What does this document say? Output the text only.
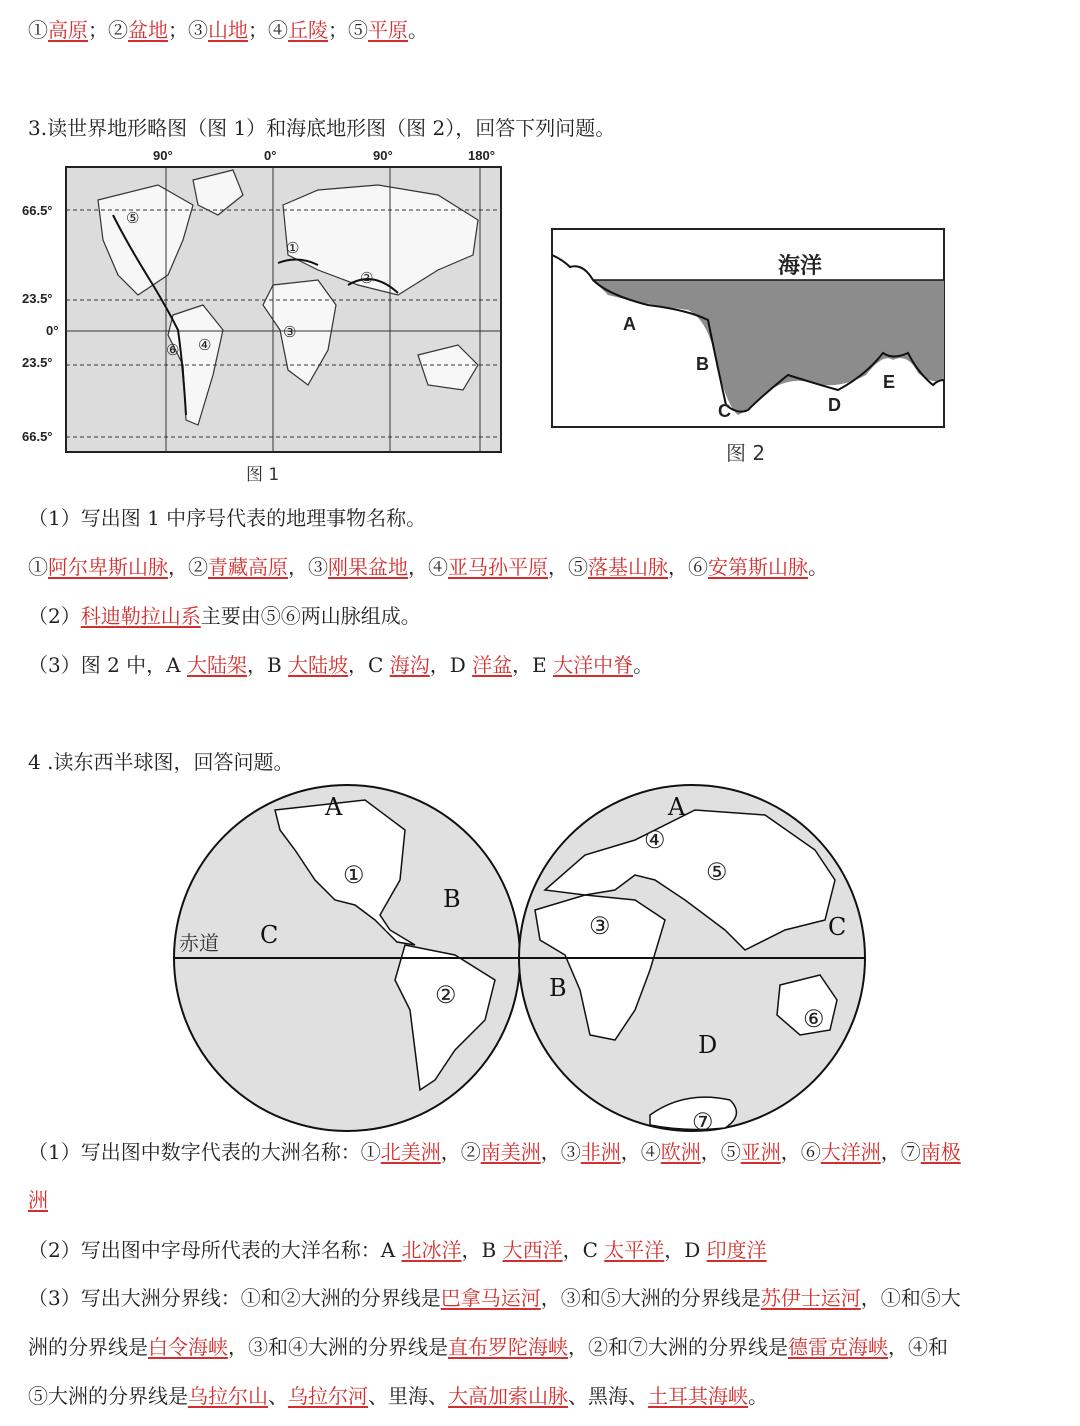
①高原；②盆地；③山地；④丘陵；⑤平原。
3.读世界地形略图（图 1）和海底地形图（图 2），回答下列问题。
90°	0°	90°	180°
66.5°
23.5°
0°
23.5°
66.5°
①
②
③
④
⑤
⑥
图 1
海洋
A
B
C	D
E
图 2
（1）写出图 1 中序号代表的地理事物名称。
①阿尔卑斯山脉，②青藏高原，③刚果盆地，④亚马孙平原，⑤落基山脉，⑥安第斯山脉。
（2）科迪勒拉山系主要由⑤⑥两山脉组成。
（3）图 2 中，A 大陆架，B 大陆坡，C 海沟，D 洋盆，E 大洋中脊。
4 .读东西半球图，回答问题。
赤道
A
B
C
①
②
A
B
C
D
③
④
⑤
⑥
⑦
（1）写出图中数字代表的大洲名称：①北美洲，②南美洲，③非洲，④欧洲，⑤亚洲，⑥大洋洲，⑦南极
洲
（2）写出图中字母所代表的大洋名称：A 北冰洋，B 大西洋，C 太平洋，D 印度洋
（3）写出大洲分界线：①和②大洲的分界线是巴拿马运河，③和⑤大洲的分界线是苏伊士运河，①和⑤大
洲的分界线是白令海峡，③和④大洲的分界线是直布罗陀海峡，②和⑦大洲的分界线是德雷克海峡，④和
⑤大洲的分界线是乌拉尔山、乌拉尔河、里海、大高加索山脉、黑海、土耳其海峡。
